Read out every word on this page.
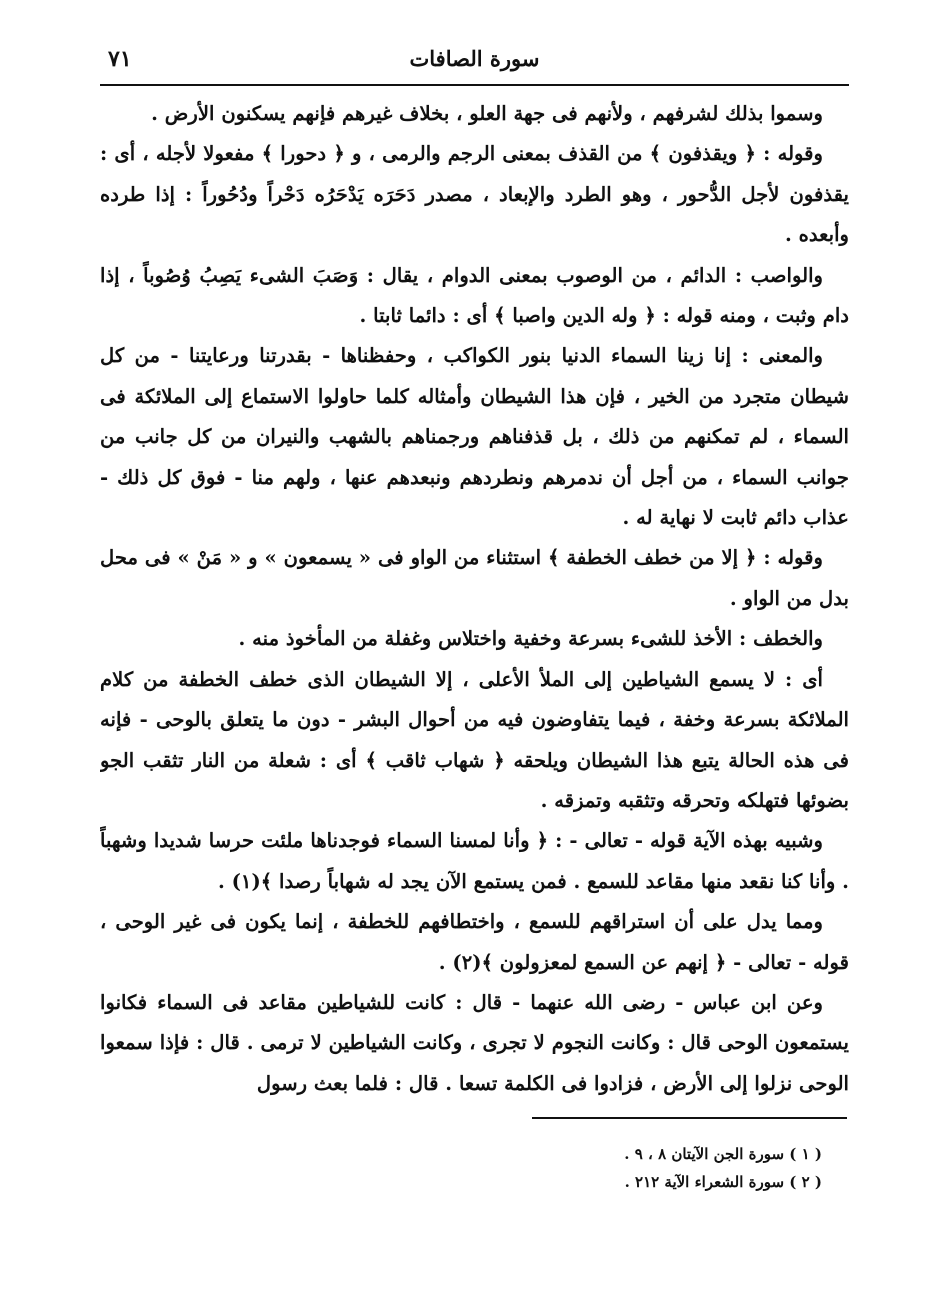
٧١	سورة الصافات

وسموا بذلك لشرفهم ، ولأنهم فى جهة العلو ، بخلاف غيرهم فإنهم يسكنون الأرض .

وقوله : ﴿ ويقذفون ﴾ من القذف بمعنى الرجم والرمى ، و ﴿ دحورا ﴾ مفعولا لأجله ، أى : يقذفون لأجل الدُّحور ، وهو الطرد والإبعاد ، مصدر دَحَرَه يَدْحَرُه دَحْراً ودُحُوراً : إذا طرده وأبعده .

والواصب : الدائم ، من الوصوب بمعنى الدوام ، يقال : وَصَبَ الشىء يَصِبُ وُصُوباً ، إذا دام وثبت ، ومنه قوله : ﴿ وله الدين واصبا ﴾ أى : دائما ثابتا .

والمعنى : إنا زينا السماء الدنيا بنور الكواكب ، وحفظناها - بقدرتنا ورعايتنا - من كل شيطان متجرد من الخير ، فإن هذا الشيطان وأمثاله كلما حاولوا الاستماع إلى الملائكة فى السماء ، لم تمكنهم من ذلك ، بل قذفناهم ورجمناهم بالشهب والنيران من كل جانب من جوانب السماء ، من أجل أن ندمرهم ونطردهم ونبعدهم عنها ، ولهم منا - فوق كل ذلك - عذاب دائم ثابت لا نهاية له .

وقوله : ﴿ إلا من خطف الخطفة ﴾ استثناء من الواو فى « يسمعون » و « مَنْ » فى محل بدل من الواو .

والخطف : الأخذ للشىء بسرعة وخفية واختلاس وغفلة من المأخوذ منه .

أى : لا يسمع الشياطين إلى الملأ الأعلى ، إلا الشيطان الذى خطف الخطفة من كلام الملائكة بسرعة وخفة ، فيما يتفاوضون فيه من أحوال البشر - دون ما يتعلق بالوحى - فإنه فى هذه الحالة يتبع هذا الشيطان ويلحقه ﴿ شهاب ثاقب ﴾ أى : شعلة من النار تثقب الجو بضوئها فتهلكه وتحرقه وتثقبه وتمزقه .

وشبيه بهذه الآية قوله - تعالى - : ﴿ وأنا لمسنا السماء فوجدناها ملئت حرسا شديدا وشهباً . وأنا كنا نقعد منها مقاعد للسمع . فمن يستمع الآن يجد له شهاباً رصدا ﴾(١) .

ومما يدل على أن استراقهم للسمع ، واختطافهم للخطفة ، إنما يكون فى غير الوحى ، قوله - تعالى - ﴿ إنهم عن السمع لمعزولون ﴾(٢) .

وعن ابن عباس - رضى الله عنهما - قال : كانت للشياطين مقاعد فى السماء فكانوا يستمعون الوحى قال : وكانت النجوم لا تجرى ، وكانت الشياطين لا ترمى . قال : فإذا سمعوا الوحى نزلوا إلى الأرض ، فزادوا فى الكلمة تسعا . قال : فلما بعث رسول

( ١ ) سورة الجن الآيتان ٨ ، ٩ .
( ٢ ) سورة الشعراء الآية ٢١٢ .
